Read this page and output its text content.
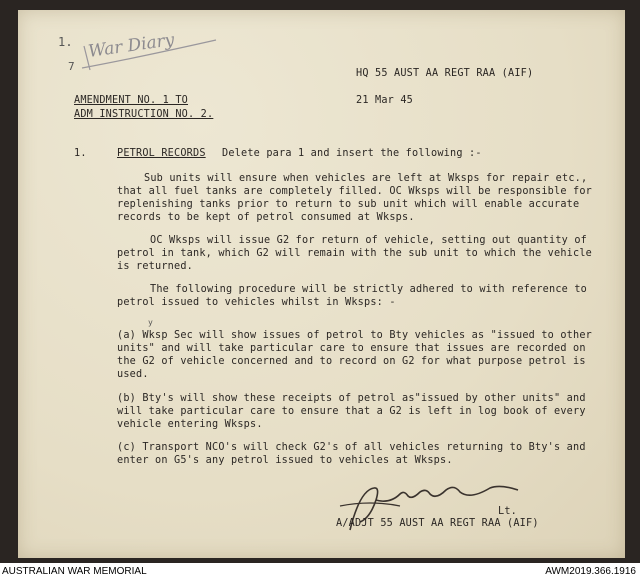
1.
7
War Diary
HQ 55 AUST AA REGT RAA (AIF)
AMENDMENT NO. 1 TO	21 Mar 45
ADM INSTRUCTION NO. 2.
1.	PETROL RECORDS Delete para 1 and insert the following :-
Sub units will ensure when vehicles are left at Wksps for repair etc.,
that all fuel tanks are completely filled. OC Wksps will be responsible for
replenishing tanks prior to return to sub unit which will enable accurate
records to be kept of petrol consumed at Wksps.
OC Wksps will issue G2 for return of vehicle, setting out quantity of
petrol in tank, which G2 will remain with the sub unit to which the vehicle
is returned.
The following procedure will be strictly adhered to with reference to
petrol issued to vehicles whilst in Wksps: -
y
(a) Wksp Sec will show issues of petrol to Bty vehicles as "issued to other
units" and will take particular care to ensure that issues are recorded on
the G2 of vehicle concerned and to record on G2 for what purpose petrol is
used.
(b) Bty's will show these receipts of petrol as"issued by other units" and
will take particular care to ensure that a G2 is left in log book of every
vehicle entering Wksps.
(c) Transport NCO's will check G2's of all vehicles returning to Bty's and
enter on G5's any petrol issued to vehicles at Wksps.
Lt.
A/ADJT 55 AUST AA REGT RAA (AIF)
AUSTRALIAN WAR MEMORIAL	AWM2019.366.1916
